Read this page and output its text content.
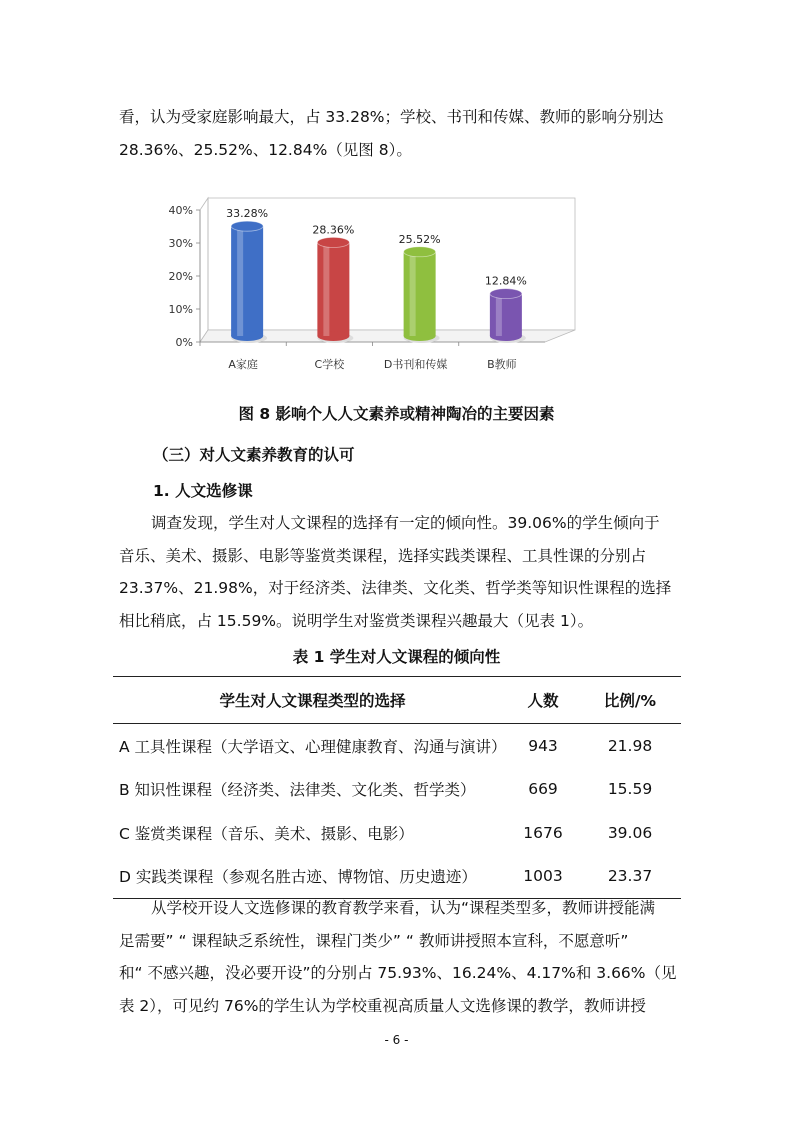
看，认为受家庭影响最大，占 33.28%；学校、书刊和传媒、教师的影响分别达
28.36%、25.52%、12.84%（见图 8）。

0%
10%
20%
30%
40%	33.28%
A家庭
28.36%
C学校
25.52%
D书刊和传媒
12.84%
B教师

图 8 影响个人人文素养或精神陶冶的主要因素

（三）对人文素养教育的认可

1. 人文选修课

调查发现，学生对人文课程的选择有一定的倾向性。39.06%的学生倾向于
音乐、美术、摄影、电影等鉴赏类课程，选择实践类课程、工具性课的分别占
23.37%、21.98%，对于经济类、法律类、文化类、哲学类等知识性课程的选择
相比稍底，占 15.59%。说明学生对鉴赏类课程兴趣最大（见表 1）。

表 1 学生对人文课程的倾向性

学生对人文课程类型的选择	人数	比例/%
A 工具性课程（大学语文、心理健康教育、沟通与演讲）	943	21.98
B 知识性课程（经济类、法律类、文化类、哲学类）	669	15.59
C 鉴赏类课程（音乐、美术、摄影、电影）	1676	39.06
D 实践类课程（参观名胜古迹、博物馆、历史遗迹）	1003	23.37

从学校开设人文选修课的教育教学来看，认为“课程类型多，教师讲授能满
足需要” “ 课程缺乏系统性，课程门类少” “ 教师讲授照本宣科，不愿意听”
和“ 不感兴趣，没必要开设”的分别占 75.93%、16.24%、4.17%和 3.66%（见
表 2），可见约 76%的学生认为学校重视高质量人文选修课的教学，教师讲授

- 6 -
